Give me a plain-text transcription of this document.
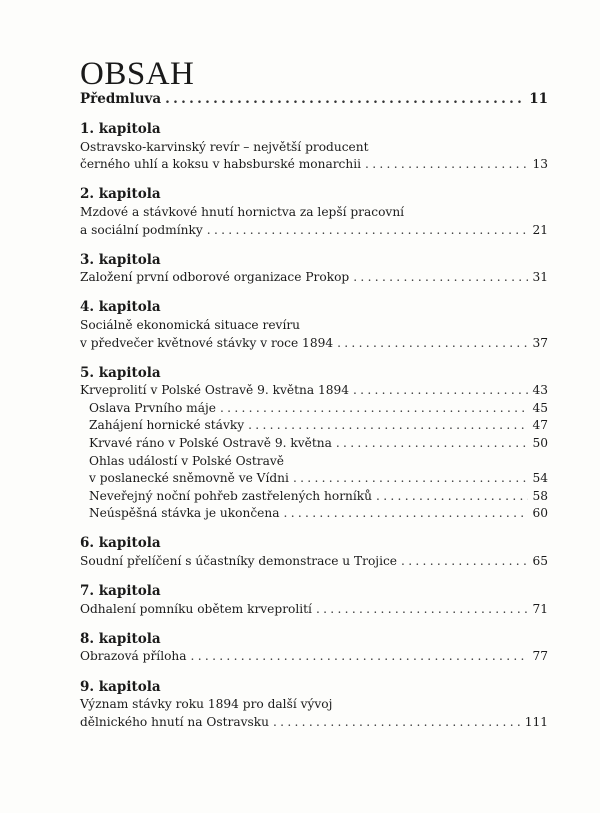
OBSAH
Předmluva .....	11
1. kapitola
Ostravsko-karvinský revír – největší producent
černého uhlí a koksu v habsburské monarchii .....	13
2. kapitola
Mzdové a stávkové hnutí hornictva za lepší pracovní
a sociální podmínky .....	21
3. kapitola
Založení první odborové organizace Prokop .....	31
4. kapitola
Sociálně ekonomická situace revíru
v předvečer květnové stávky v roce 1894 .....	37
5. kapitola
Krveprolití v Polské Ostravě 9. května 1894 .....	43
Oslava Prvního máje .....	45
Zahájení hornické stávky .....	47
Krvavé ráno v Polské Ostravě 9. května .....	50
Ohlas událostí v Polské Ostravě
v poslanecké sněmovně ve Vídni .....	54
Neveřejný noční pohřeb zastřelených horníků .....	58
Neúspěšná stávka je ukončena .....	60
6. kapitola
Soudní přelíčení s účastníky demonstrace u Trojice .....	65
7. kapitola
Odhalení pomníku obětem krveprolití .....	71
8. kapitola
Obrazová příloha .....	77
9. kapitola
Význam stávky roku 1894 pro další vývoj
dělnického hnutí na Ostravsku .....	111
